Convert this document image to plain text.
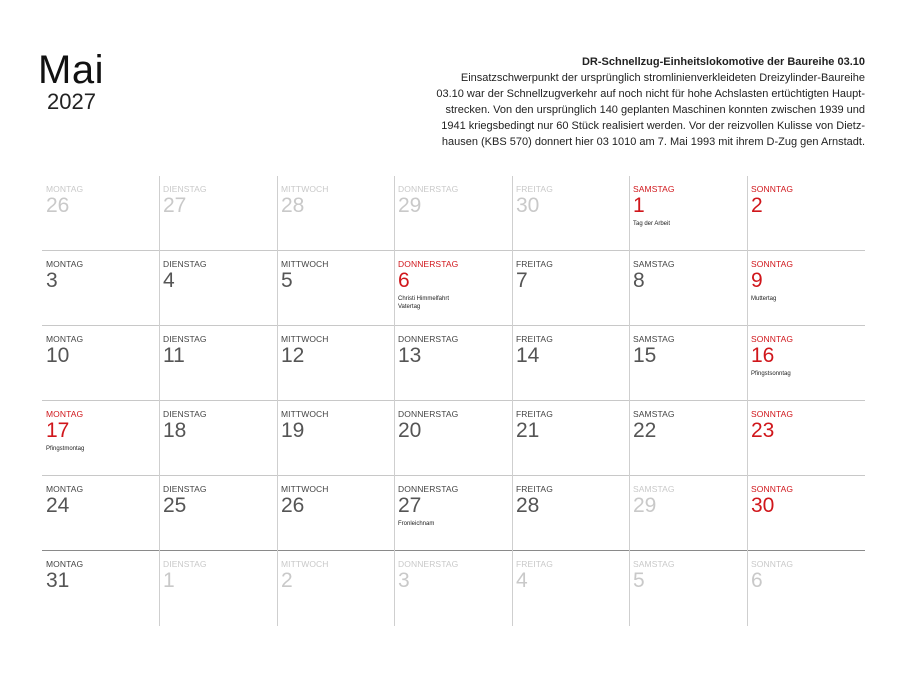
Mai
2027
DR-Schnellzug-Einheitslokomotive der Baureihe 03.10
Einsatzschwerpunkt der ursprünglich stromlinienverkleideten Dreizylinder-Baureihe
03.10 war der Schnellzugverkehr auf noch nicht für hohe Achslasten ertüchtigten Haupt-
strecken. Von den ursprünglich 140 geplanten Maschinen konnten zwischen 1939 und
1941 kriegsbedingt nur 60 Stück realisiert werden. Vor der reizvollen Kulisse von Dietz-
hausen (KBS 570) donnert hier 03 1010 am 7. Mai 1993 mit ihrem D-Zug gen Arnstadt.
MONTAG
26
DIENSTAG
27
MITTWOCH
28
DONNERSTAG
29
FREITAG
30
SAMSTAG
1
Tag der Arbeit
SONNTAG
2
MONTAG
3
DIENSTAG
4
MITTWOCH
5
DONNERSTAG
6
Christi Himmelfahrt
Vatertag
FREITAG
7
SAMSTAG
8
SONNTAG
9
Muttertag
MONTAG
10
DIENSTAG
11
MITTWOCH
12
DONNERSTAG
13
FREITAG
14
SAMSTAG
15
SONNTAG
16
Pfingstsonntag
MONTAG
17
Pfingstmontag
DIENSTAG
18
MITTWOCH
19
DONNERSTAG
20
FREITAG
21
SAMSTAG
22
SONNTAG
23
MONTAG
24
DIENSTAG
25
MITTWOCH
26
DONNERSTAG
27
Fronleichnam
FREITAG
28
SAMSTAG
29
SONNTAG
30
MONTAG
31
DIENSTAG
1
MITTWOCH
2
DONNERSTAG
3
FREITAG
4
SAMSTAG
5
SONNTAG
6
